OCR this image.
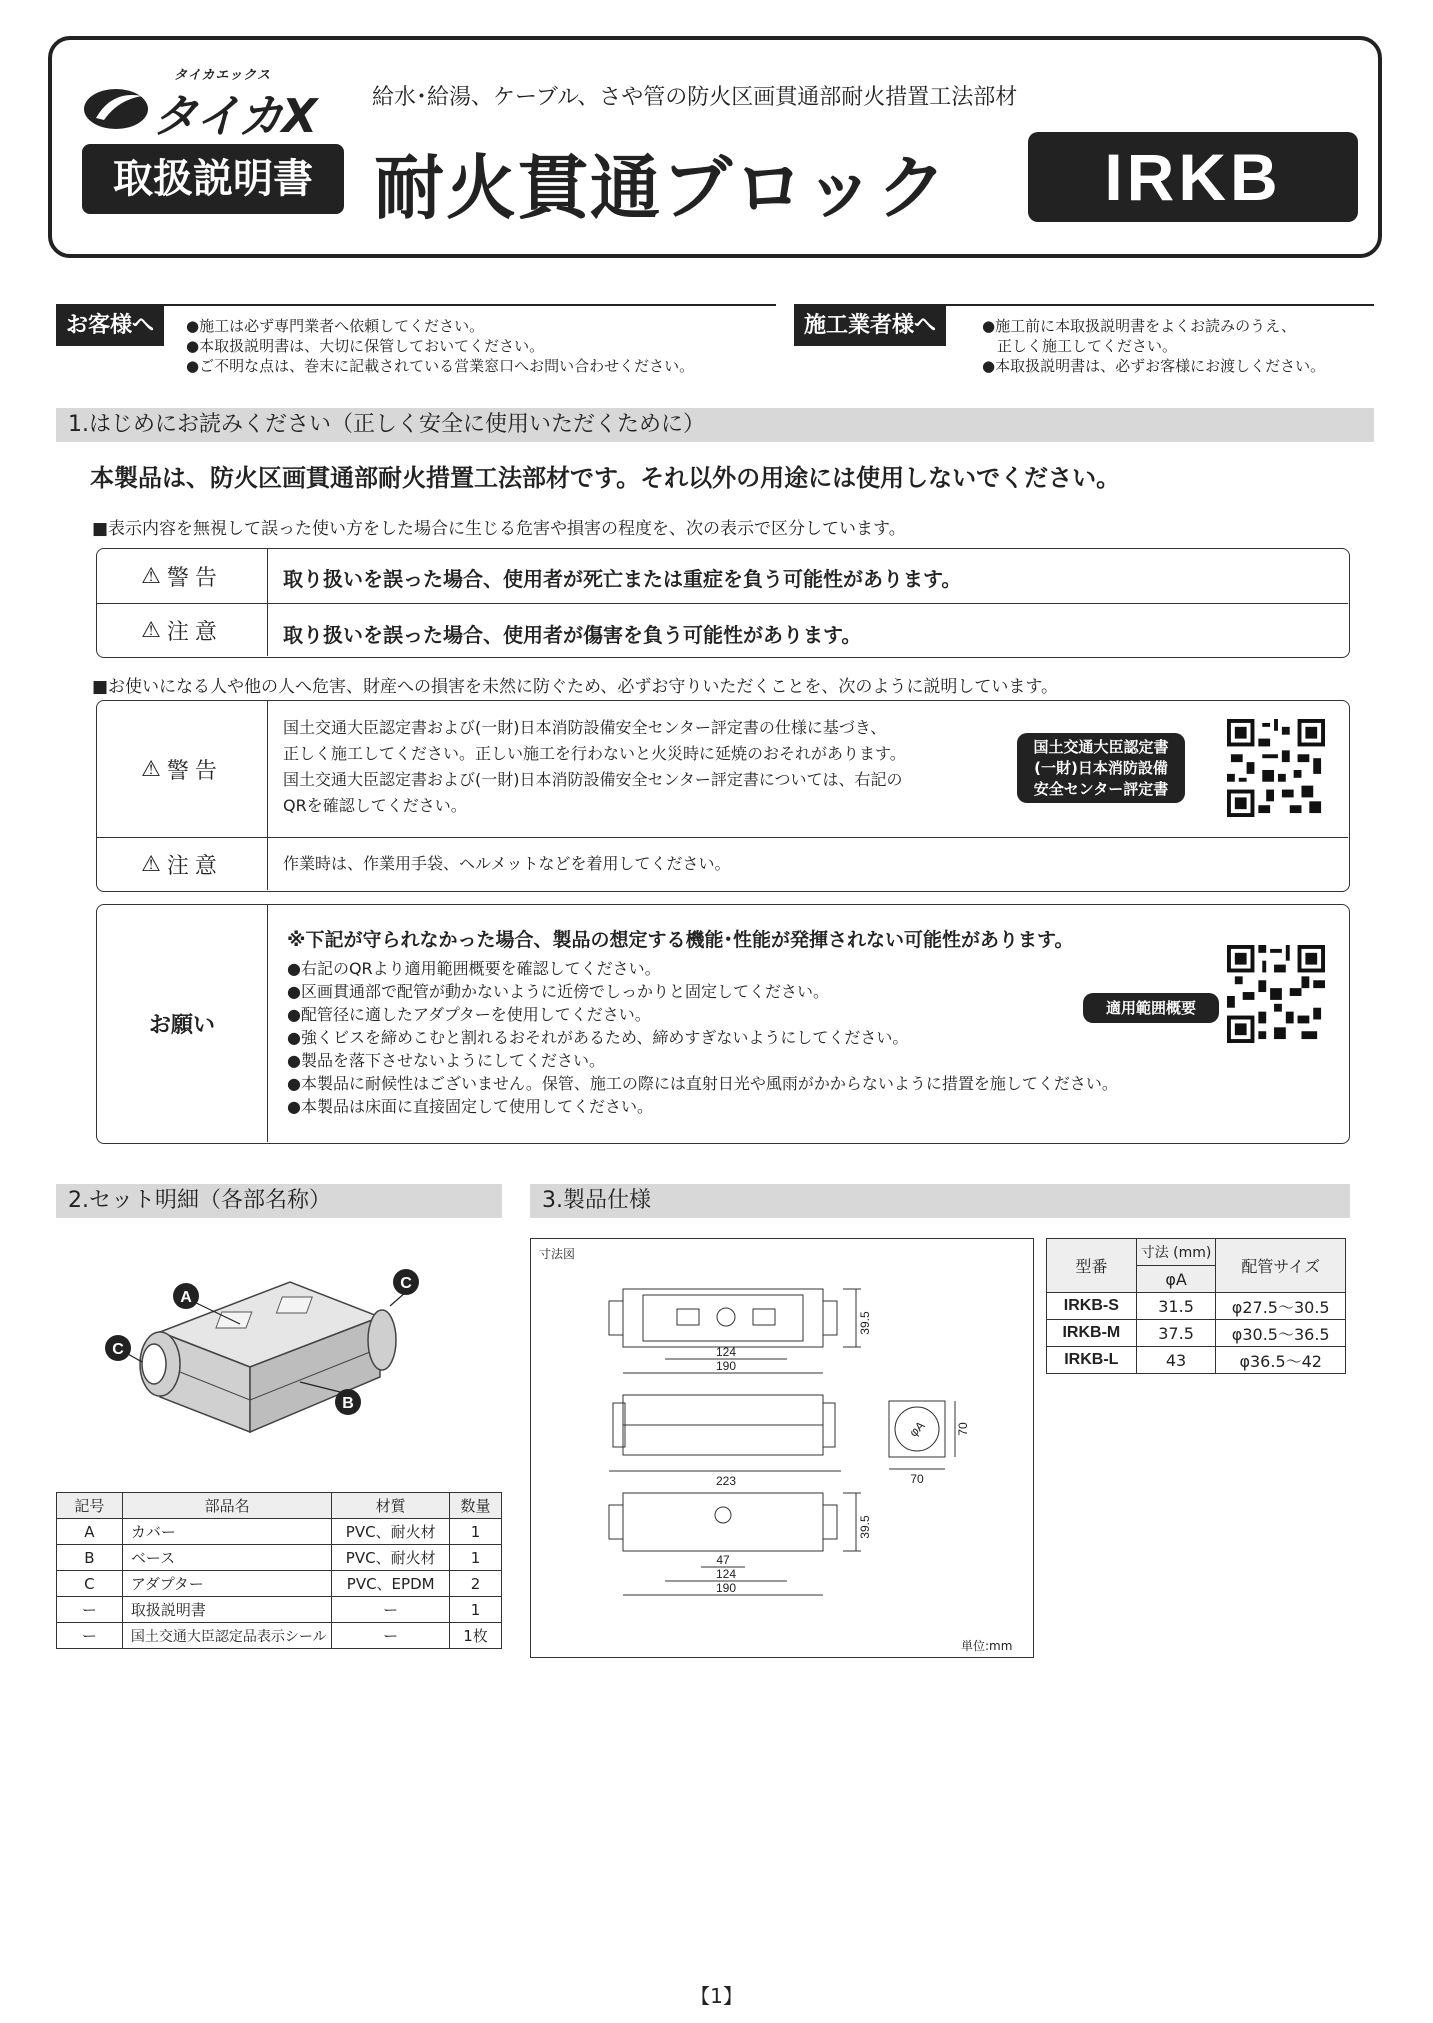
タイカエックス
タイカX	給水･給湯、ケーブル、さや管の防火区画貫通部耐火措置工法部材
取扱説明書 耐火貫通ブロック	IRKB
お客様へ	●施工は必ず専門業者へ依頼してください。
●本取扱説明書は、大切に保管しておいてください。
●ご不明な点は、巻末に記載されている営業窓口へお問い合わせください。
施工業者様へ	●施工前に本取扱説明書をよくお読みのうえ、
　正しく施工してください。
●本取扱説明書は、必ずお客様にお渡しください。
1.はじめにお読みください（正しく安全に使用いただくために）
本製品は、防火区画貫通部耐火措置工法部材です。それ以外の用途には使用しないでください。
■表示内容を無視して誤った使い方をした場合に生じる危害や損害の程度を、次の表示で区分しています。
⚠ 警告	取り扱いを誤った場合、使用者が死亡または重症を負う可能性があります。
⚠ 注意	取り扱いを誤った場合、使用者が傷害を負う可能性があります。
■お使いになる人や他の人へ危害、財産への損害を未然に防ぐため、必ずお守りいただくことを、次のように説明しています。
⚠ 警告
国土交通大臣認定書および(一財)日本消防設備安全センター評定書の仕様に基づき、
正しく施工してください。正しい施工を行わないと火災時に延焼のおそれがあります。
国土交通大臣認定書および(一財)日本消防設備安全センター評定書については、右記の
QRを確認してください。
国土交通大臣認定書
(一財)日本消防設備
安全センター評定書
⚠ 注意	作業時は、作業用手袋、ヘルメットなどを着用してください。
お願い
※下記が守られなかった場合、製品の想定する機能･性能が発揮されない可能性があります。
●右記のQRより適用範囲概要を確認してください。
●区画貫通部で配管が動かないように近傍でしっかりと固定してください。
●配管径に適したアダプターを使用してください。
●強くビスを締めこむと割れるおそれがあるため、締めすぎないようにしてください。
●製品を落下させないようにしてください。
●本製品に耐候性はございません。保管、施工の際には直射日光や風雨がかからないように措置を施してください。
●本製品は床面に直接固定して使用してください。
適用範囲概要
2.セット明細（各部名称）
A
B
C
C
記号	部品名	材質	数量
A	カバー	PVC、耐火材	1
B	ベース	PVC、耐火材	1
C	アダプター	PVC、EPDM	2
ー	取扱説明書	ー	1
ー	国土交通大臣認定品表示シール	ー	1枚
3.製品仕様
寸法図
単位:mm
39.5
124
190
223	70
70
φA
39.5
47
124
190
型番	寸法 (mm)	配管サイズ
	φA	
IRKB-S	31.5	φ27.5〜30.5
IRKB-M	37.5	φ30.5〜36.5
IRKB-L	43	φ36.5〜42
【1】
